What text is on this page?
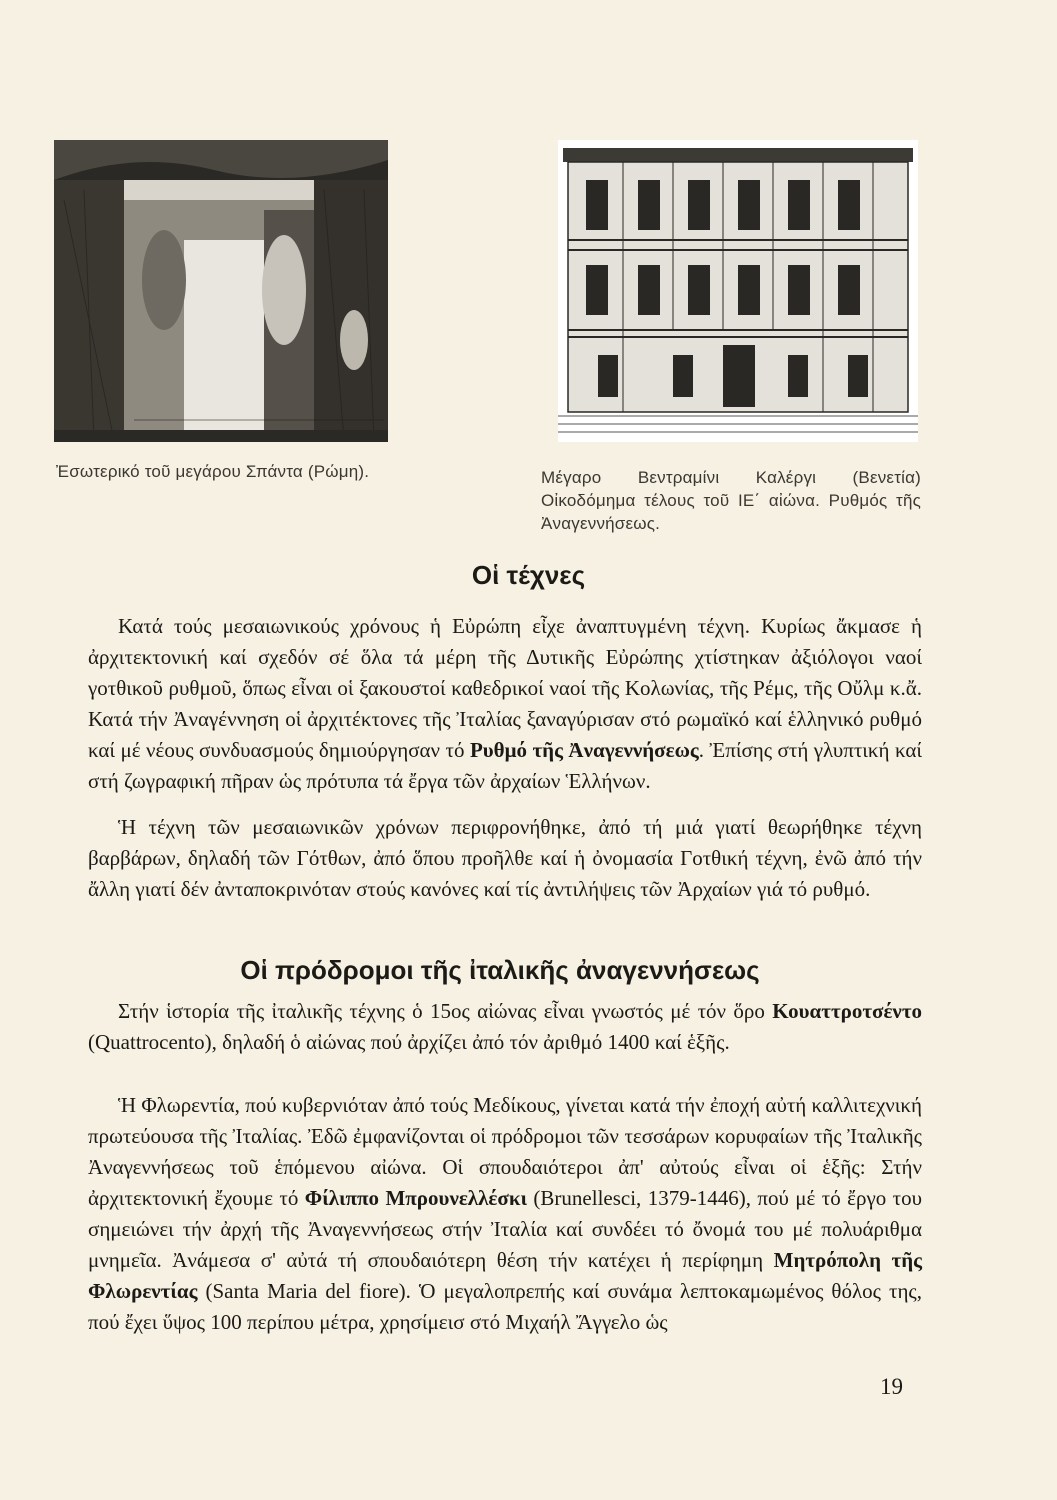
Ἐσωτερικό τοῦ μεγάρου Σπάντα (Ρώμη).	Μέγαρο Βεντραμίνι Καλέργι (Βενετία) Οἰκοδόμημα τέλους τοῦ ΙΕ΄ αἰώνα. Ρυθμός τῆς Ἀναγεννήσεως.
Οἱ τέχνες

Κατά τούς μεσαιωνικούς χρόνους ἡ Εὐρώπη εἶχε ἀναπτυγμένη τέχνη. Κυρίως ἄκμασε ἡ ἀρχιτεκτονική καί σχεδόν σέ ὅλα τά μέρη τῆς Δυτικῆς Εὐρώπης χτίστηκαν ἀξιόλογοι ναοί γοτθικοῦ ρυθμοῦ, ὅπως εἶναι οἱ ξακουστοί καθεδρικοί ναοί τῆς Κολωνίας, τῆς Ρέμς, τῆς Οὔλμ κ.ἄ. Κατά τήν Ἀναγέννηση οἱ ἀρχιτέκτονες τῆς Ἰταλίας ξαναγύρισαν στό ρωμαϊκό καί ἑλληνικό ρυθμό καί μέ νέους συνδυασμούς δημιούργησαν τό Ρυθμό τῆς Ἀναγεννήσεως. Ἐπίσης στή γλυπτική καί στή ζωγραφική πῆραν ὡς πρότυπα τά ἔργα τῶν ἀρχαίων Ἑλλήνων.

Ἡ τέχνη τῶν μεσαιωνικῶν χρόνων περιφρονήθηκε, ἀπό τή μιά γιατί θεωρήθηκε τέχνη βαρβάρων, δηλαδή τῶν Γότθων, ἀπό ὅπου προῆλθε καί ἡ ὀνομασία Γοτθική τέχνη, ἐνῶ ἀπό τήν ἄλλη γιατί δέν ἀνταποκρινόταν στούς κανόνες καί τίς ἀντιλήψεις τῶν Ἀρχαίων γιά τό ρυθμό.

Οἱ πρόδρομοι τῆς ἰταλικῆς ἀναγεννήσεως

Στήν ἱστορία τῆς ἰταλικῆς τέχνης ὁ 15ος αἰώνας εἶναι γνωστός μέ τόν ὅρο Κουαττροτσέντο (Quattrocento), δηλαδή ὁ αἰώνας πού ἀρχίζει ἀπό τόν ἀριθμό 1400 καί ἑξῆς.

Ἡ Φλωρεντία, πού κυβερνιόταν ἀπό τούς Μεδίκους, γίνεται κατά τήν ἐποχή αὐτή καλλιτεχνική πρωτεύουσα τῆς Ἰταλίας. Ἐδῶ ἐμφανίζονται οἱ πρόδρομοι τῶν τεσσάρων κορυφαίων τῆς Ἰταλικῆς Ἀναγεννήσεως τοῦ ἑπόμενου αἰώνα. Οἱ σπουδαιότεροι ἀπ' αὐτούς εἶναι οἱ ἑξῆς: Στήν ἀρχιτεκτονική ἔχουμε τό Φίλιππο Μπρουνελλέσκι (Brunellesci, 1379-1446), πού μέ τό ἔργο του σημειώνει τήν ἀρχή τῆς Ἀναγεννήσεως στήν Ἰταλία καί συνδέει τό ὄνομά του μέ πολυάριθμα μνημεῖα. Ἀνάμεσα σ' αὐτά τή σπουδαιότερη θέση τήν κατέχει ἡ περίφημη Μητρόπολη τῆς Φλωρεντίας (Santa Maria del fiore). Ὁ μεγαλοπρεπής καί συνάμα λεπτοκαμωμένος θόλος της, πού ἔχει ὕψος 100 περίπου μέτρα, χρησίμεισ στό Μιχαήλ Ἄγγελο ὡς

19
